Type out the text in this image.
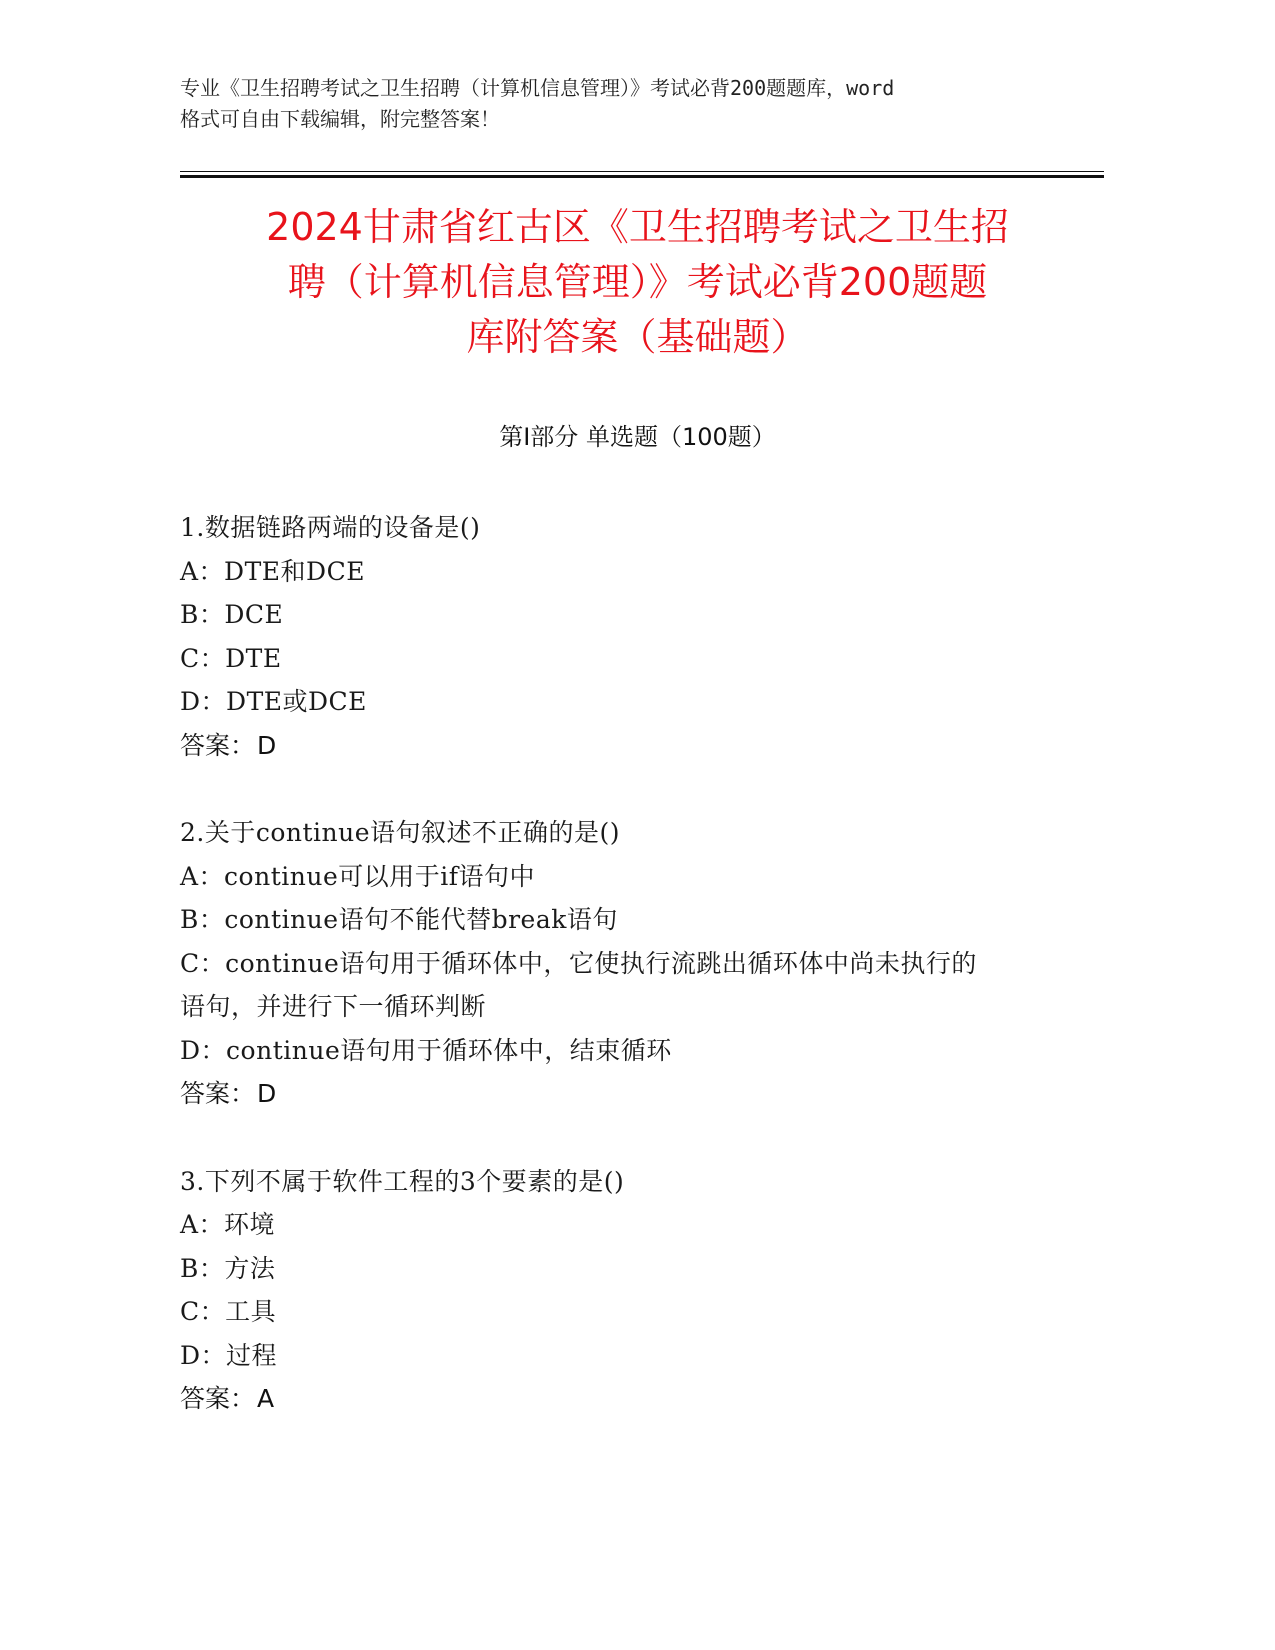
专业《卫生招聘考试之卫生招聘（计算机信息管理）》考试必背200题题库，word
格式可自由下载编辑，附完整答案！
2024甘肃省红古区《卫生招聘考试之卫生招
聘（计算机信息管理）》考试必背200题题
库附答案（基础题）
第Ⅰ部分 单选题（100题）
1.数据链路两端的设备是()
A：DTE和DCE
B：DCE
C：DTE
D：DTE或DCE
答案：D
2.关于continue语句叙述不正确的是()
A：continue可以用于if语句中
B：continue语句不能代替break语句
C：continue语句用于循环体中，它使执行流跳出循环体中尚未执行的
语句，并进行下一循环判断
D：continue语句用于循环体中，结束循环
答案：D
3.下列不属于软件工程的3个要素的是()
A：环境
B：方法
C：工具
D：过程
答案：A
